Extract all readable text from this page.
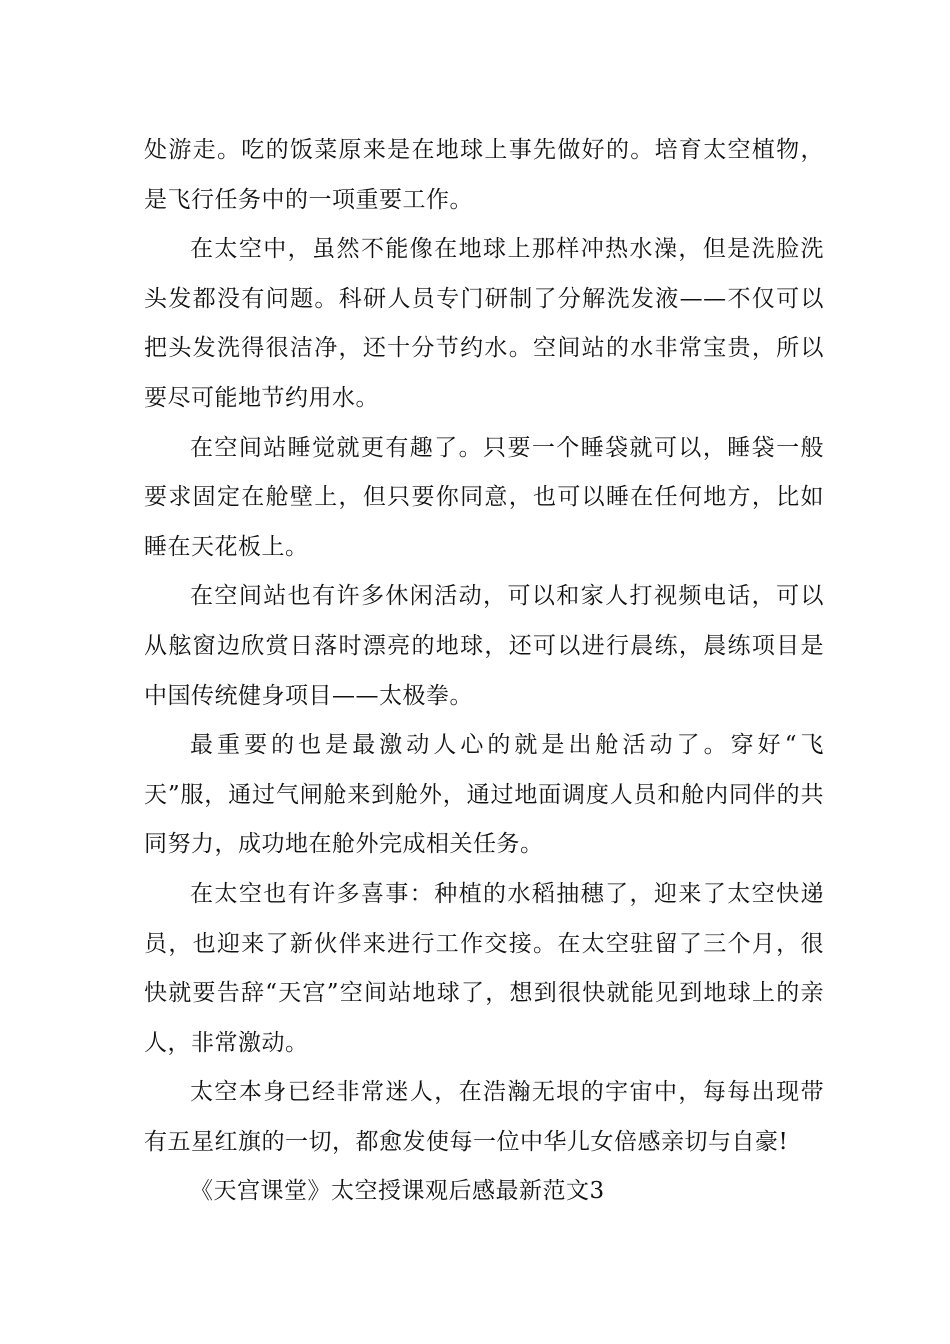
处游走。吃的饭菜原来是在地球上事先做好的。培育太空植物，是飞行任务中的一项重要工作。

在太空中，虽然不能像在地球上那样冲热水澡，但是洗脸洗头发都没有问题。科研人员专门研制了分解洗发液——不仅可以把头发洗得很洁净，还十分节约水。空间站的水非常宝贵，所以要尽可能地节约用水。

在空间站睡觉就更有趣了。只要一个睡袋就可以，睡袋一般要求固定在舱壁上，但只要你同意，也可以睡在任何地方，比如睡在天花板上。

在空间站也有许多休闲活动，可以和家人打视频电话，可以从舷窗边欣赏日落时漂亮的地球，还可以进行晨练，晨练项目是中国传统健身项目——太极拳。

最重要的也是最激动人心的就是出舱活动了。穿好“飞天”服，通过气闸舱来到舱外，通过地面调度人员和舱内同伴的共同努力，成功地在舱外完成相关任务。

在太空也有许多喜事：种植的水稻抽穗了，迎来了太空快递员，也迎来了新伙伴来进行工作交接。在太空驻留了三个月，很快就要告辞“天宫”空间站地球了，想到很快就能见到地球上的亲人，非常激动。

太空本身已经非常迷人，在浩瀚无垠的宇宙中，每每出现带有五星红旗的一切，都愈发使每一位中华儿女倍感亲切与自豪!

《天宫课堂》太空授课观后感最新范文3
